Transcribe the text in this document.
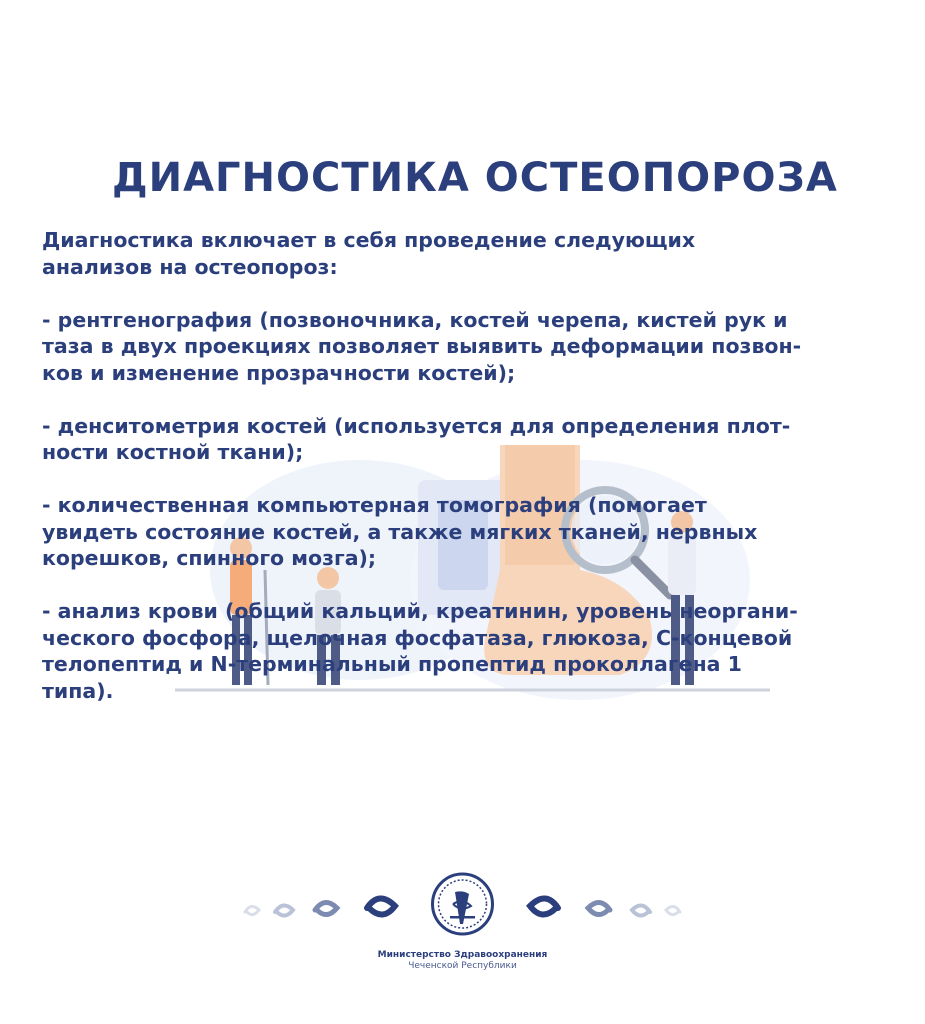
ДИАГНОСТИКА ОСТЕОПОРОЗА

Диагностика включает в себя проведение следующих
анализов на остеопороз:

- рентгенография (позвоночника, костей черепа, кистей рук и
таза в двух проекциях позволяет выявить деформации позвон-
ков и изменение прозрачности костей);

- денситометрия костей (используется для определения плот-
ности костной ткани);

- количественная компьютерная томография (помогает
увидеть состояние костей, а также мягких тканей, нервных
корешков, спинного мозга);

- анализ крови (общий кальций, креатинин, уровень неоргани-
ческого фосфора, щелочная фосфатаза, глюкоза, С-концевой
телопептид и N-терминальный пропептид проколлагена 1
типа).

Министерство Здравоохранения
Чеченской Республики
